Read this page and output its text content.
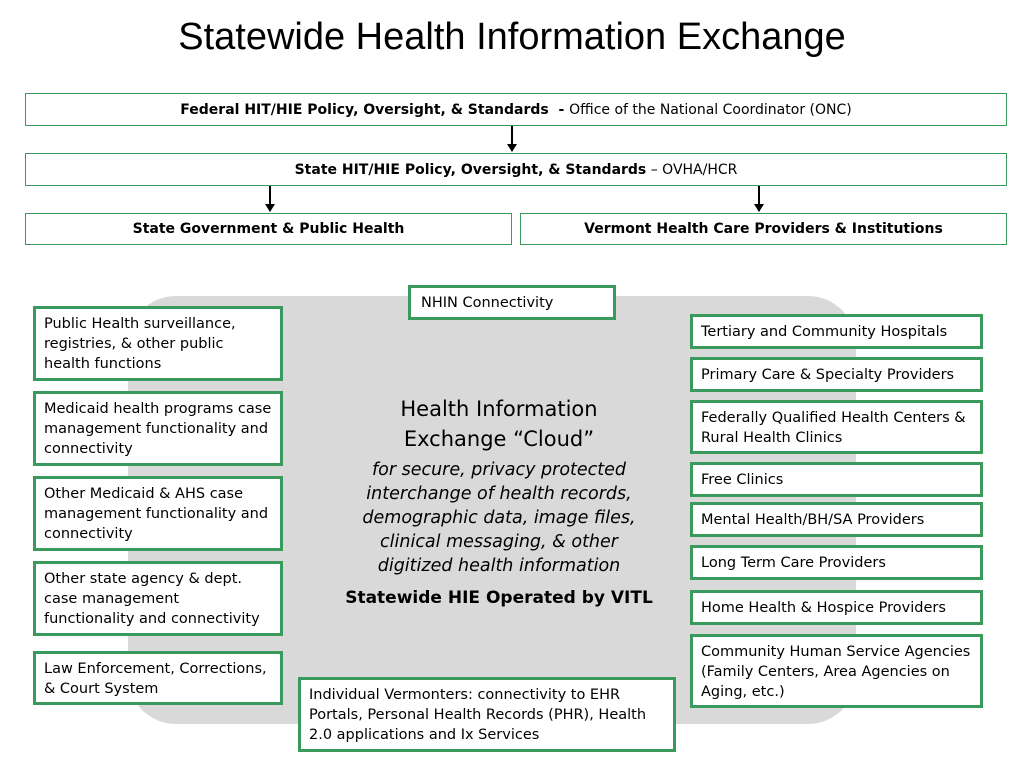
Statewide Health Information Exchange
Federal HIT/HIE Policy, Oversight, & Standards  - Office of the National Coordinator (ONC)
State HIT/HIE Policy, Oversight, & Standards – OVHA/HCR
State Government & Public Health	Vermont Health Care Providers & Institutions
NHIN Connectivity
Health Information
Exchange “Cloud”
for secure, privacy protected
interchange of health records,
demographic data, image files,
clinical messaging, & other
digitized health information
Statewide HIE Operated by VITL
Public Health surveillance, registries, & other public health functions
Medicaid health programs case management functionality and connectivity
Other Medicaid & AHS case management functionality and connectivity
Other state agency & dept. case management functionality and connectivity
Law Enforcement, Corrections, & Court System
Tertiary and Community Hospitals
Primary Care & Specialty Providers
Federally Qualified Health Centers & Rural Health Clinics
Free Clinics
Mental Health/BH/SA Providers
Long Term Care Providers
Home Health & Hospice Providers
Community Human Service Agencies (Family Centers, Area Agencies on Aging, etc.)
Individual Vermonters: connectivity to EHR Portals, Personal Health Records (PHR), Health 2.0 applications and Ix Services
